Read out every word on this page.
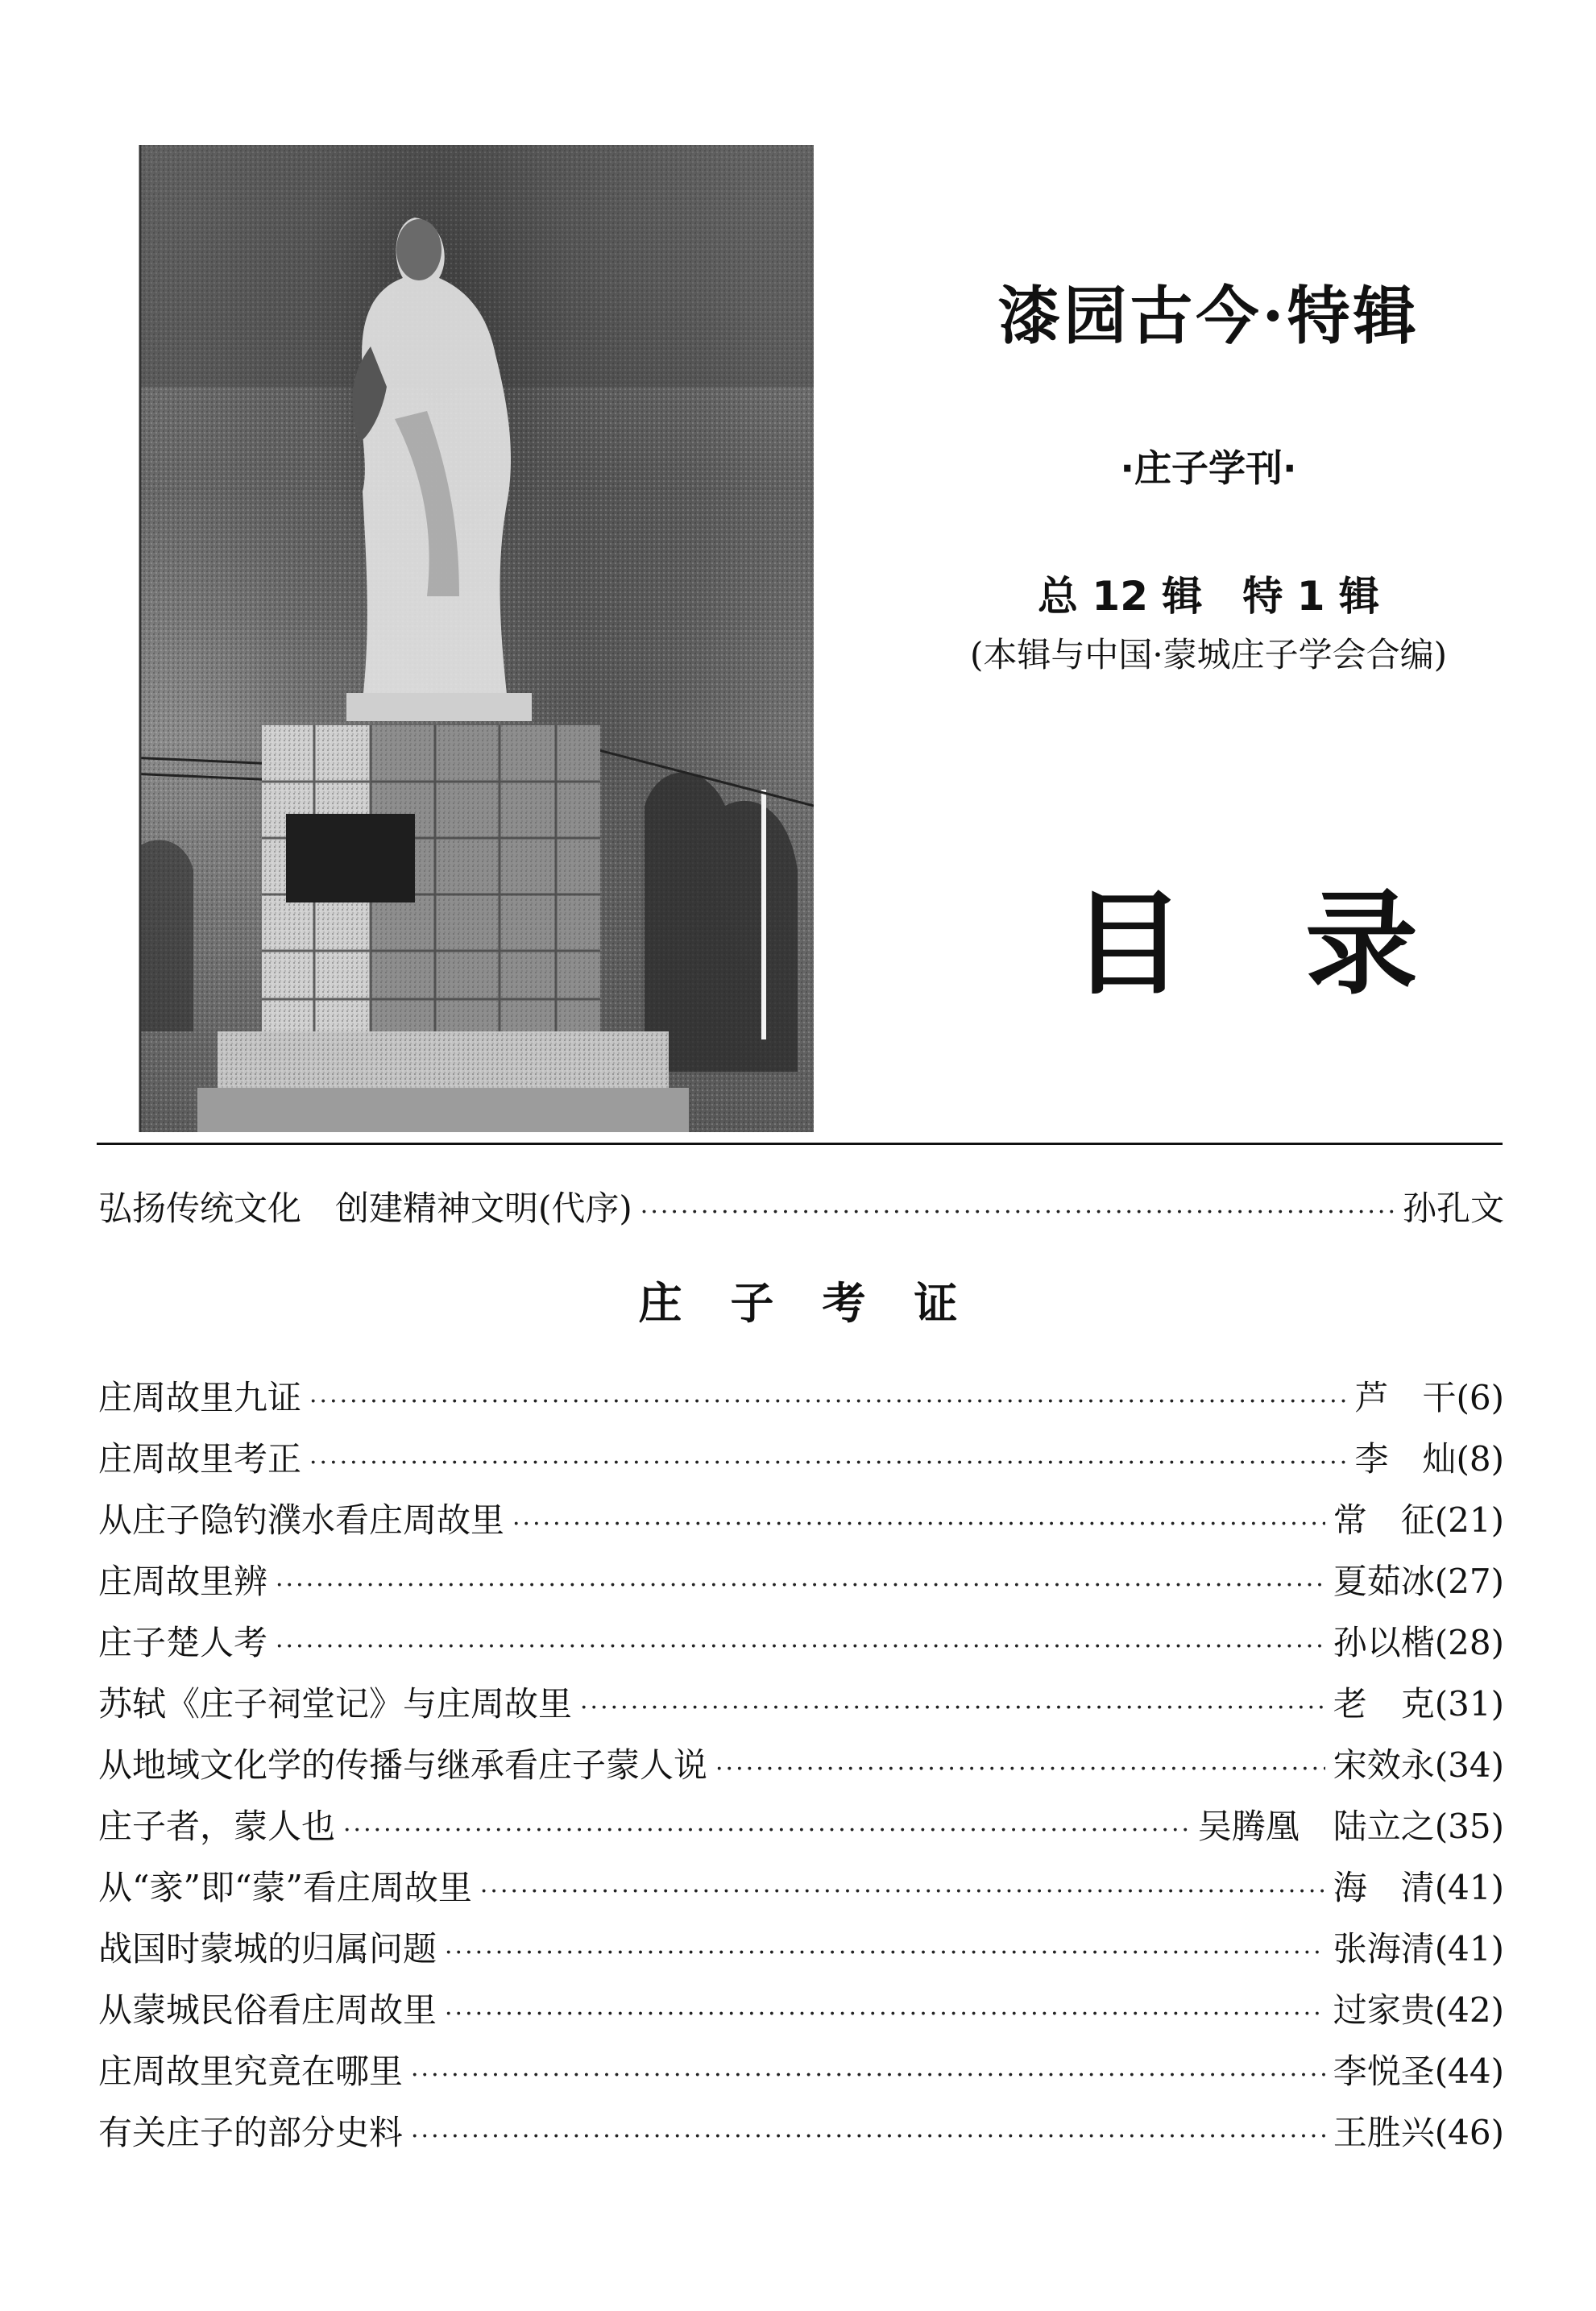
漆园古今·特辑
·庄子学刊·
总 12 辑　特 1 辑
(本辑与中国·蒙城庄子学会合编)
目录
弘扬传统文化　创建精神文明(代序) ·····	孙孔文
庄子考证
庄周故里九证 ·····	芦　干(6)
庄周故里考正 ·····	李　灿(8)
从庄子隐钓濮水看庄周故里 ·····	常　征(21)
庄周故里辨 ·····	夏茹冰(27)
庄子楚人考 ·····	孙以楷(28)
苏轼《庄子祠堂记》与庄周故里 ·····	老　克(31)
从地域文化学的传播与继承看庄子蒙人说 ·····	宋效永(34)
庄子者，蒙人也 ·····	吴腾凰　陆立之(35)
从“豙”即“蒙”看庄周故里 ·····	海　清(41)
战国时蒙城的归属问题 ·····	张海清(41)
从蒙城民俗看庄周故里 ·····	过家贵(42)
庄周故里究竟在哪里 ·····	李悦圣(44)
有关庄子的部分史料 ·····	王胜兴(46)
